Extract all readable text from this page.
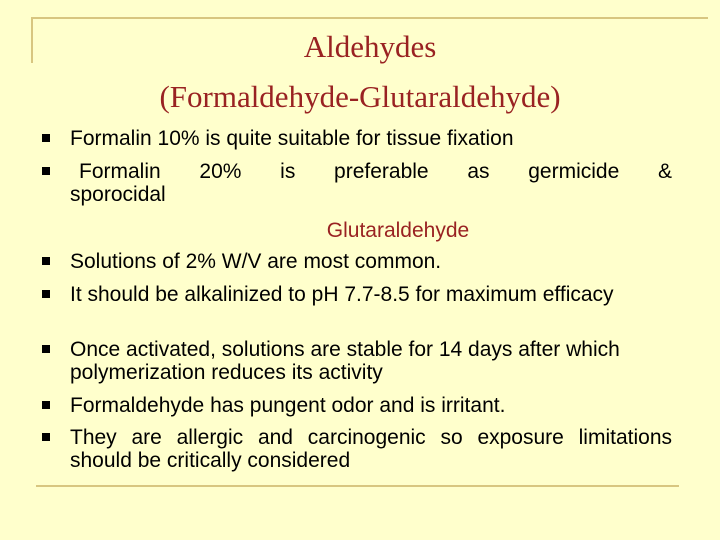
Aldehydes
(Formaldehyde-Glutaraldehyde)
Formalin 10% is quite suitable for tissue fixation
Formalin 20% is preferable as germicide &
sporocidal
Glutaraldehyde
Solutions of 2% W/V are most common.
It should be alkalinized to pH 7.7-8.5 for maximum efficacy
Once activated, solutions are stable for 14 days after which polymerization reduces its activity
Formaldehyde has pungent odor and is irritant.
They are allergic and carcinogenic so exposure limitations should be critically considered
